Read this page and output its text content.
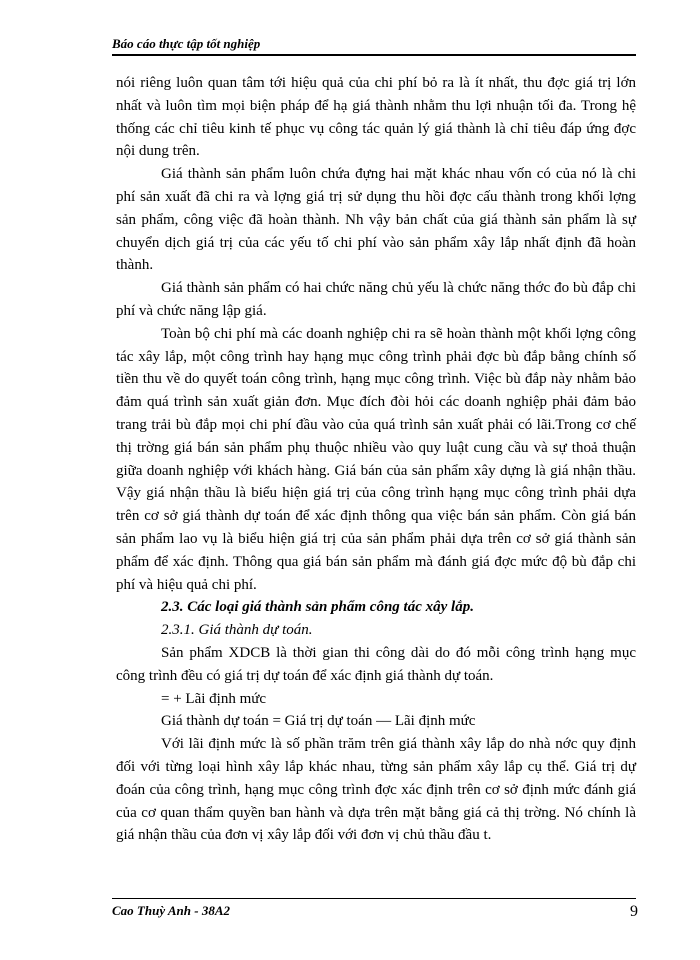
Báo cáo thực tập tốt nghiệp

nói riêng luôn quan tâm tới hiệu quả của chi phí bỏ ra là ít nhất, thu đợc giá trị lớn nhất và luôn tìm mọi biện pháp để hạ giá thành nhằm thu lợi nhuận tối đa. Trong hệ thống các chỉ tiêu kinh tế phục vụ công tác quản lý giá thành là chỉ tiêu đáp ứng đợc nội dung trên.

Giá thành sản phẩm luôn chứa đựng hai mặt khác nhau vốn có của nó là chi phí sản xuất đã chi ra và lợng giá trị sử dụng thu hồi đợc cấu thành trong khối lợng sản phẩm, công việc đã hoàn thành. Nh vậy bản chất của giá thành sản phẩm là sự chuyển dịch giá trị của các yếu tố chi phí vào sản phẩm xây lắp nhất định đã hoàn thành.

Giá thành sản phẩm có hai chức năng chủ yếu là chức năng thớc đo bù đắp chi phí và chức năng lập giá.

Toàn bộ chi phí mà các doanh nghiệp chi ra sẽ hoàn thành một khối lợng công tác xây lắp, một công trình hay hạng mục công trình phải đợc bù đắp bằng chính số tiền thu về do quyết toán công trình, hạng mục công trình. Việc bù đắp này nhằm bảo đảm quá trình sản xuất giản đơn. Mục đích đòi hỏi các doanh nghiệp phải đảm bảo trang trải bù đắp mọi chi phí đầu vào của quá trình sản xuất phải có lãi.Trong cơ chế thị trờng giá bán sản phẩm phụ thuộc nhiều vào quy luật cung cầu và sự thoả thuận giữa doanh nghiệp với khách hàng. Giá bán của sản phẩm xây dựng là giá nhận thầu. Vậy giá nhận thầu là biểu hiện giá trị của công trình hạng mục công trình phải dựa trên cơ sở giá thành dự toán để xác định thông qua việc bán sản phẩm. Còn giá bán sản phẩm lao vụ là biểu hiện giá trị của sản phẩm phải dựa trên cơ sở giá thành sản phẩm để xác định. Thông qua giá bán sản phẩm mà đánh giá đợc mức độ bù đắp chi phí và hiệu quả chi phí.

2.3. Các loại giá thành sản phẩm công tác xây lắp.

2.3.1. Giá thành dự toán.

Sản phẩm XDCB là thời gian thi công dài do đó mỗi công trình hạng mục công trình đều có giá trị dự toán để xác định giá thành dự toán.

= + Lãi định mức

Giá thành dự toán = Giá trị dự toán — Lãi định mức

Với lãi định mức là số phần trăm trên giá thành xây lắp do nhà nớc quy định đối với từng loại hình xây lắp khác nhau, từng sản phẩm xây lắp cụ thể. Giá trị dự đoán của công trình, hạng mục công trình đợc xác định trên cơ sở định mức đánh giá của cơ quan thẩm quyền ban hành và dựa trên mặt bằng giá cả thị trờng. Nó chính là giá nhận thầu của đơn vị xây lắp đối với đơn vị chủ thầu đầu t.

Cao Thuỳ Anh - 38A2	9
